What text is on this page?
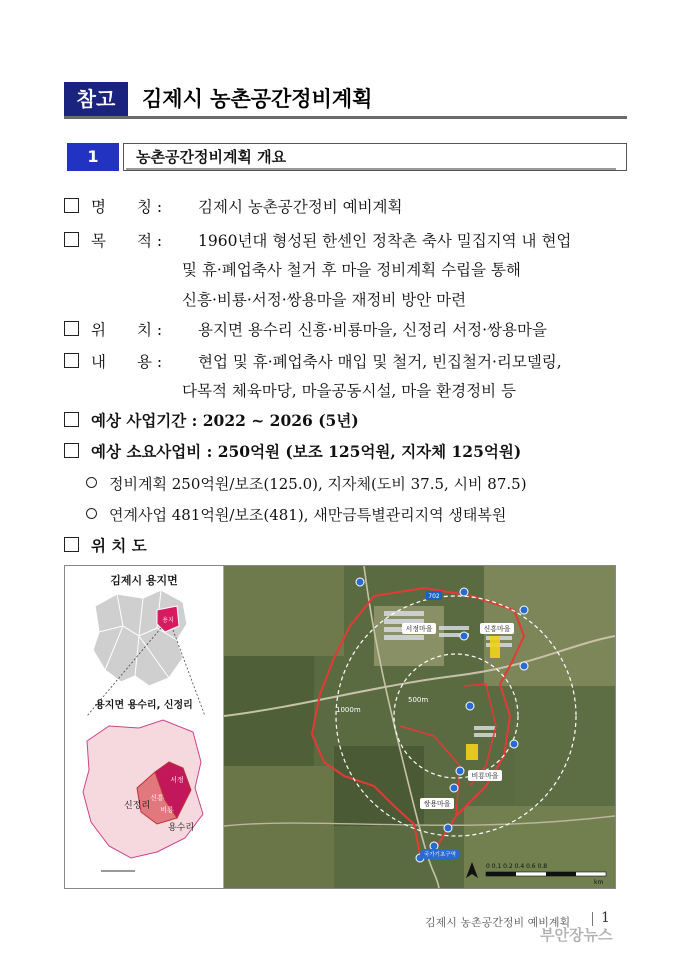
참고	김제시 농촌공간정비계획
1	농촌공간정비계획 개요
명　　칭 : 김제시 농촌공간정비 예비계획
목　　적 : 1960년대 형성된 한센인 정착촌 축사 밀집지역 내 현업
및 휴·폐업축사 철거 후 마을 정비계획 수립을 통해
신흥·비룡·서정·쌍용마을 재정비 방안 마련
위　　치 : 용지면 용수리 신흥·비룡마을, 신정리 서정·쌍용마을
내　　용 : 현업 및 휴·폐업축사 매입 및 철거, 빈집철거·리모델링,
다목적 체육마당, 마을공동시설, 마을 환경정비 등
예상 사업기간 : 2022 ~ 2026 (5년)
예상 소요사업비 : 250억원 (보조 125억원, 지자체 125억원)
정비계획 250억원/보조(125.0), 지자체(도비 37.5, 시비 87.5)
연계사업 481억원/보조(481), 새만금특별관리지역 생태복원
위 치 도
김제시 용지면
용지
용지면 용수리, 신정리
신흥
비룡
서정
신정리
용수리
500m
1000m
702
서정마을	신흥마을
비룡마을
쌍용마을
국가기초구역
0 0.1 0.2 0.4 0.6 0.8
km
김제시 농촌공간정비 예비계획 1
부안장뉴스
